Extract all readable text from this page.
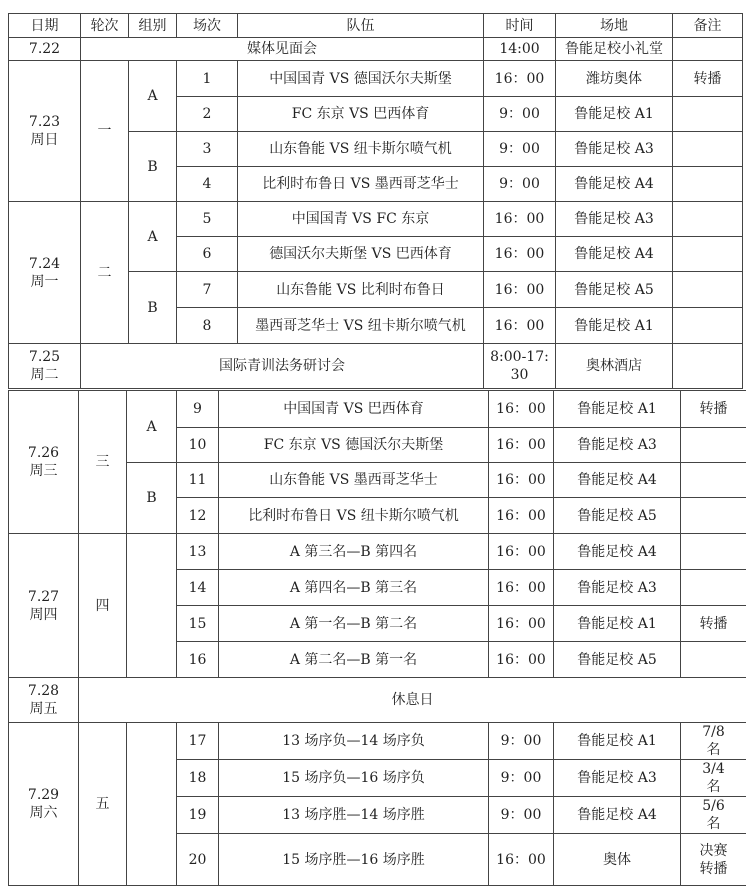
日期	轮次	组别	场次	队伍	时间	场地	备注
7.22	媒体见面会				14:00	鲁能足校小礼堂	
7.23
周日	一	A	1	中国国青 VS 德国沃尔夫斯堡	16：00	潍坊奥体	转播
			2	FC 东京 VS 巴西体育	9：00	鲁能足校 A1	
		B	3	山东鲁能 VS 纽卡斯尔喷气机	9：00	鲁能足校 A3	
			4	比利时布鲁日 VS 墨西哥芝华士	9：00	鲁能足校 A4	
7.24
周一	二	A	5	中国国青 VS FC 东京	16：00	鲁能足校 A3	
			6	德国沃尔夫斯堡 VS 巴西体育	16：00	鲁能足校 A4	
		B	7	山东鲁能 VS 比利时布鲁日	16：00	鲁能足校 A5	
			8	墨西哥芝华士 VS 纽卡斯尔喷气机	16：00	鲁能足校 A1	
7.25
周二	国际青训法务研讨会				8:00-17:30	奥林酒店	
7.26
周三	三	A	9	中国国青 VS 巴西体育	16：00	鲁能足校 A1	转播
			10	FC 东京 VS 德国沃尔夫斯堡	16：00	鲁能足校 A3	
		B	11	山东鲁能 VS 墨西哥芝华士	16：00	鲁能足校 A4	
			12	比利时布鲁日 VS 纽卡斯尔喷气机	16：00	鲁能足校 A5	
7.27
周四	四		13	A 第三名—B 第四名	16：00	鲁能足校 A4	
			14	A 第四名—B 第三名	16：00	鲁能足校 A3	
			15	A 第一名—B 第二名	16：00	鲁能足校 A1	转播
			16	A 第二名—B 第一名	16：00	鲁能足校 A5	
7.28
周五	休息日						
7.29
周六	五		17	13 场序负—14 场序负	9：00	鲁能足校 A1	7/8 名
			18	15 场序负—16 场序负	9：00	鲁能足校 A3	3/4 名
			19	13 场序胜—14 场序胜	9：00	鲁能足校 A4	5/6 名
			20	15 场序胜—16 场序胜	16：00	奥体	决赛转播
